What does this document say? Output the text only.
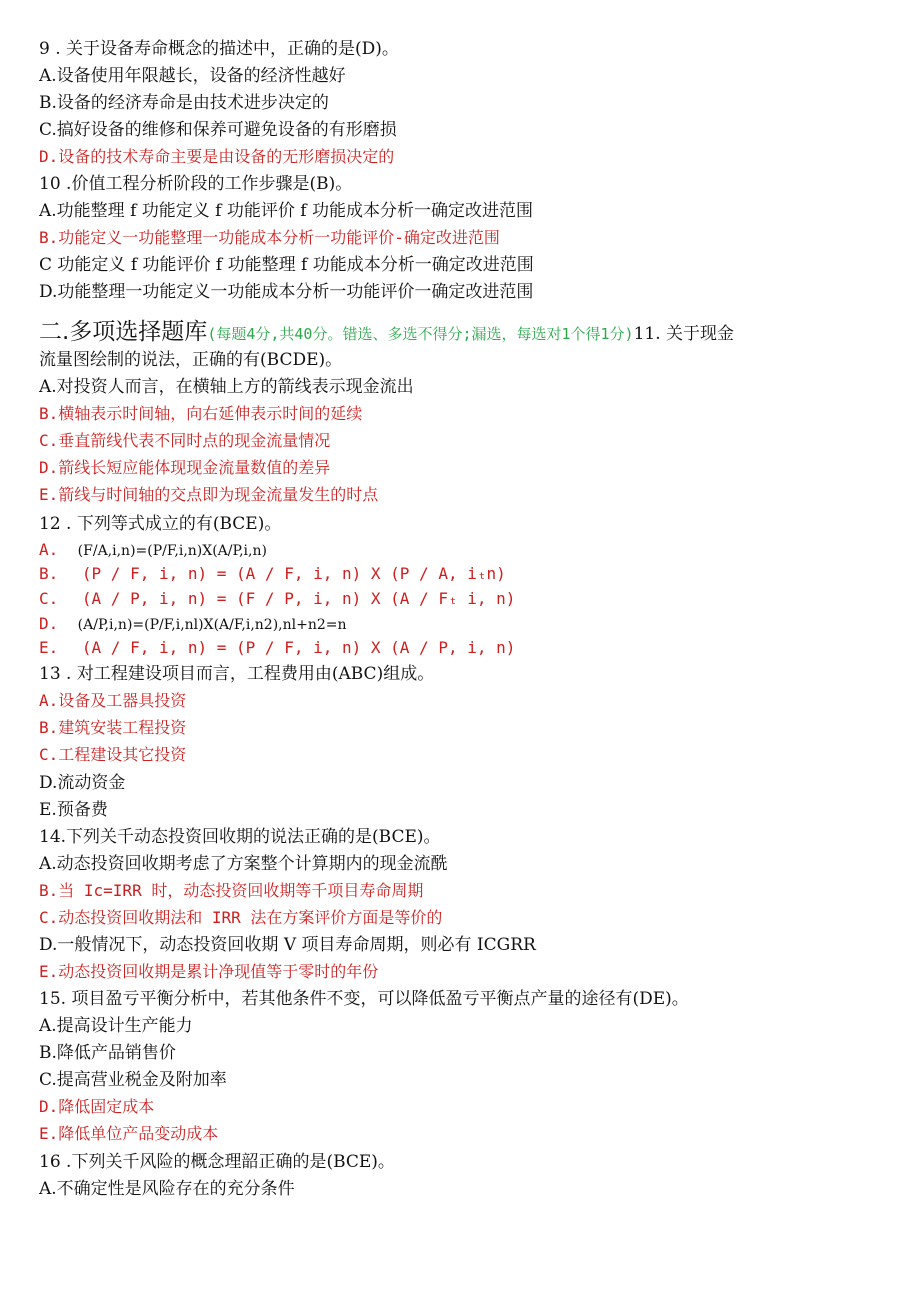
9 . 关于设备寿命概念的描述中，正确的是(D)。
A.设备使用年限越长，设备的经济性越好
B.设备的经济寿命是由技术进步决定的
C.搞好设备的维修和保养可避免设备的有形磨损
D.设备的技术寿命主要是由设备的无形磨损决定的
10 .价值工程分析阶段的工作步骤是(B)。
A.功能整理 f 功能定义 f 功能评价 f 功能成本分析一确定改进范围
B.功能定义一功能整理一功能成本分析一功能评价-确定改进范围
C 功能定义 f 功能评价 f 功能整理 f 功能成本分析一确定改进范围
D.功能整理一功能定义一功能成本分析一功能评价一确定改进范围
二.多项选择题库(每题4分,共40分。错选、多选不得分;漏选，每选对1个得1分)11. 关于现金
流量图绘制的说法，正确的有(BCDE)。
A.对投资人而言，在横轴上方的箭线表示现金流出
B.横轴表示时间轴，向右延伸表示时间的延续
C.垂直箭线代表不同时点的现金流量情况
D.箭线长短应能体现现金流量数值的差异
E.箭线与时间轴的交点即为现金流量发生的时点
12 . 下列等式成立的有(BCE)。
A. (F/A,i,n)=(P/F,i,n)X(A/P,i,n)
B. (P / F, i, n) = (A / F, i, n) X (P / A, iₜn)
C. (A / P, i, n) = (F / P, i, n) X (A / Fₜ i, n)
D. (A/P,i,n)=(P/F,i,nl)X(A/F,i,n2),nl+n2=n
E. (A / F, i, n) = (P / F, i, n) X (A / P, i, n)
13 . 对工程建设项目而言，工程费用由(ABC)组成。
A.设备及工器具投资
B.建筑安装工程投资
C.工程建设其它投资
D.流动资金
E.预备费
14.下列关千动态投资回收期的说法正确的是(BCE)。
A.动态投资回收期考虑了方案整个计算期内的现金流酰
B.当 Ic=IRR 时，动态投资回收期等千项目寿命周期
C.动态投资回收期法和 IRR 法在方案评价方面是等价的
D.一般情况下，动态投资回收期 V 项目寿命周期，则必有 ICGRR
E.动态投资回收期是累计净现值等于零时的年份
15. 项目盈亏平衡分析中，若其他条件不变，可以降低盈亏平衡点产量的途径有(DE)。
A.提高设计生产能力
B.降低产品销售价
C.提高营业税金及附加率
D.降低固定成本
E.降低单位产品变动成本
16 .下列关千风险的概念理韶正确的是(BCE)。
A.不确定性是风险存在的充分条件
